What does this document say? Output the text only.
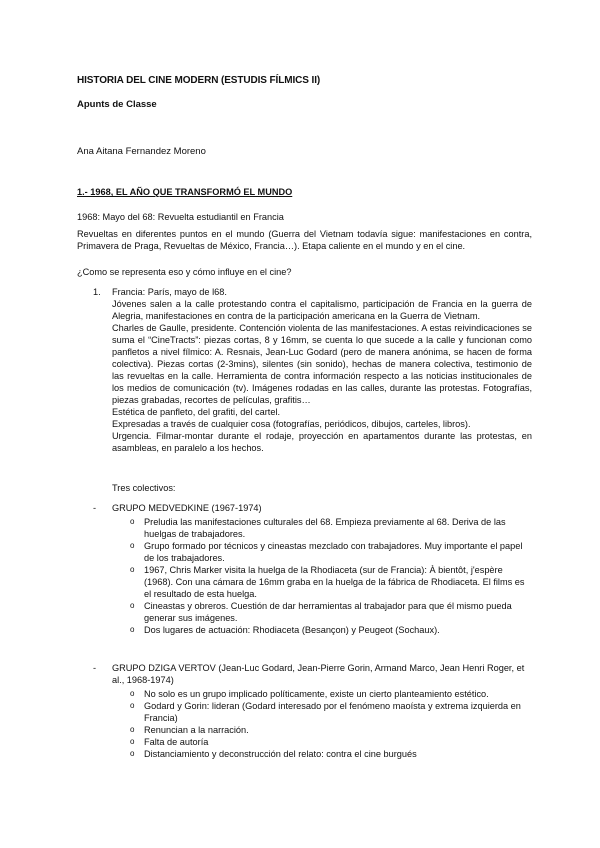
HISTORIA DEL CINE MODERN (ESTUDIS FÍLMICS II)
Apunts de Classe
Ana Aitana Fernandez Moreno
1.- 1968, EL AÑO QUE TRANSFORMÓ EL MUNDO
1968: Mayo del 68: Revuelta estudiantil en Francia
Revueltas en diferentes puntos en el mundo (Guerra del Vietnam todavía sigue: manifestaciones en contra, Primavera de Praga, Revueltas de México, Francia…). Etapa caliente en el mundo y en el cine.
¿Como se representa eso y cómo influye en el cine?
1. Francia: París, mayo de l68.
Jóvenes salen a la calle protestando contra el capitalismo, participación de Francia en la guerra de Alegria, manifestaciones en contra de la participación americana en la Guerra de Vietnam.
Charles de Gaulle, presidente. Contención violenta de las manifestaciones. A estas reivindicaciones se suma el “CineTracts”: piezas cortas, 8 y 16mm, se cuenta lo que sucede a la calle y funcionan como panfletos a nivel fílmico: A. Resnais, Jean-Luc Godard (pero de manera anónima, se hacen de forma colectiva). Piezas cortas (2-3mins), silentes (sin sonido), hechas de manera colectiva, testimonio de las revueltas en la calle. Herramienta de contra información respecto a las noticias institucionales de los medios de comunicación (tv). Imágenes rodadas en las calles, durante las protestas. Fotografías, piezas grabadas, recortes de películas, grafitis…
Estética de panfleto, del grafiti, del cartel.
Expresadas a través de cualquier cosa (fotografías, periódicos, dibujos, carteles, libros).
Urgencia. Filmar-montar durante el rodaje, proyección en apartamentos durante las protestas, en asambleas, en paralelo a los hechos.
Tres colectivos:
- GRUPO MEDVEDKINE (1967-1974)
o Preludia las manifestaciones culturales del 68. Empieza previamente al 68. Deriva de las huelgas de trabajadores.
o Grupo formado por técnicos y cineastas mezclado con trabajadores. Muy importante el papel de los trabajadores.
o 1967, Chris Marker visita la huelga de la Rhodiaceta (sur de Francia): À bientôt, j'espère (1968). Con una cámara de 16mm graba en la huelga de la fábrica de Rhodiaceta. El films es el resultado de esta huelga.
o Cineastas y obreros. Cuestión de dar herramientas al trabajador para que él mismo pueda generar sus imágenes.
o Dos lugares de actuación: Rhodiaceta (Besançon) y Peugeot (Sochaux).
- GRUPO DZIGA VERTOV (Jean-Luc Godard, Jean-Pierre Gorin, Armand Marco, Jean Henri Roger, et al., 1968-1974)
o No solo es un grupo implicado políticamente, existe un cierto planteamiento estético.
o Godard y Gorin: lideran (Godard interesado por el fenómeno maoísta y extrema izquierda en Francia)
o Renuncian a la narración.
o Falta de autoría
o Distanciamiento y deconstrucción del relato: contra el cine burgués
